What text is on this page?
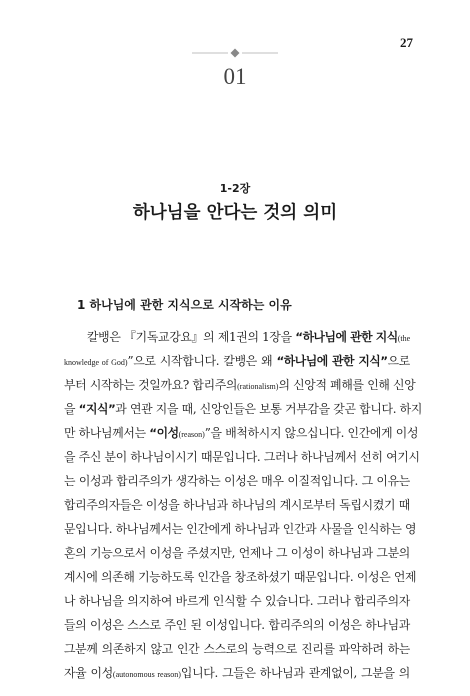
27
01
1-2장
하나님을 안다는 것의 의미
1 하나님에 관한 지식으로 시작하는 이유
칼뱅은 『기독교강요』의 제1권의 1장을 “하나님에 관한 지식(the
knowledge of God)”으로 시작합니다. 칼뱅은 왜 “하나님에 관한 지식”으로
부터 시작하는 것일까요? 합리주의(rationalism)의 신앙적 폐해를 인해 신앙
을 “지식”과 연관 지을 때, 신앙인들은 보통 거부감을 갖곤 합니다. 하지
만 하나님께서는 “이성(reason)”을 배척하시지 않으십니다. 인간에게 이성
을 주신 분이 하나님이시기 때문입니다. 그러나 하나님께서 선히 여기시
는 이성과 합리주의가 생각하는 이성은 매우 이질적입니다. 그 이유는
합리주의자들은 이성을 하나님과 하나님의 계시로부터 독립시켰기 때
문입니다. 하나님께서는 인간에게 하나님과 인간과 사물을 인식하는 영
혼의 기능으로서 이성을 주셨지만, 언제나 그 이성이 하나님과 그분의
계시에 의존해 기능하도록 인간을 창조하셨기 때문입니다. 이성은 언제
나 하나님을 의지하여 바르게 인식할 수 있습니다. 그러나 합리주의자
들의 이성은 스스로 주인 된 이성입니다. 합리주의의 이성은 하나님과
그분께 의존하지 않고 인간 스스로의 능력으로 진리를 파악하려 하는
자율 이성(autonomous reason)입니다. 그들은 하나님과 관계없이, 그분을 의
